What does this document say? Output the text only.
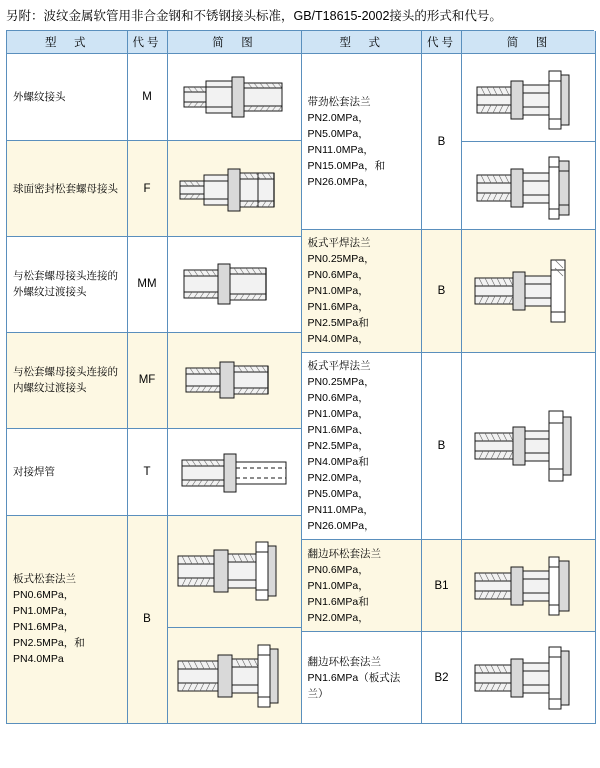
另附：波纹金属软管用非合金钢和不锈钢接头标准，GB/T18615-2002接头的形式和代号。
型　式	代号	简　图
外螺纹接头	M	

球面密封松套螺母接头	F	

与松套螺母接头连接的外螺纹过渡接头	MM	

与松套螺母接头连接的内螺纹过渡接头	MF	

对接焊管	T	

板式松套法兰 PN0.6MPa，PN1.0MPa，PN1.6MPa，PN2.5MPa，和PN4.0MPa	B	

型　式	代号	简　图
带劲松套法兰 PN2.0MPa，PN5.0MPa，PN11.0MPa，PN15.0MPa，和PN26.0MPa，	B	

板式平焊法兰 PN0.25MPa，PN0.6MPa，PN1.0MPa，PN1.6MPa，PN2.5MPa和PN4.0MPa，	B	

板式平焊法兰 PN0.25MPa，PN0.6MPa，PN1.0MPa，PN1.6MPa、PN2.5MPa，PN4.0MPa和PN2.0MPa，PN5.0MPa，PN11.0MPa，PN26.0MPa，	B	

翻边环松套法兰 PN0.6MPa，PN1.0MPa，PN1.6MPa和PN2.0MPa，	B1	

翻边环松套法兰 PN1.6MPa（板式法兰）	B2	
